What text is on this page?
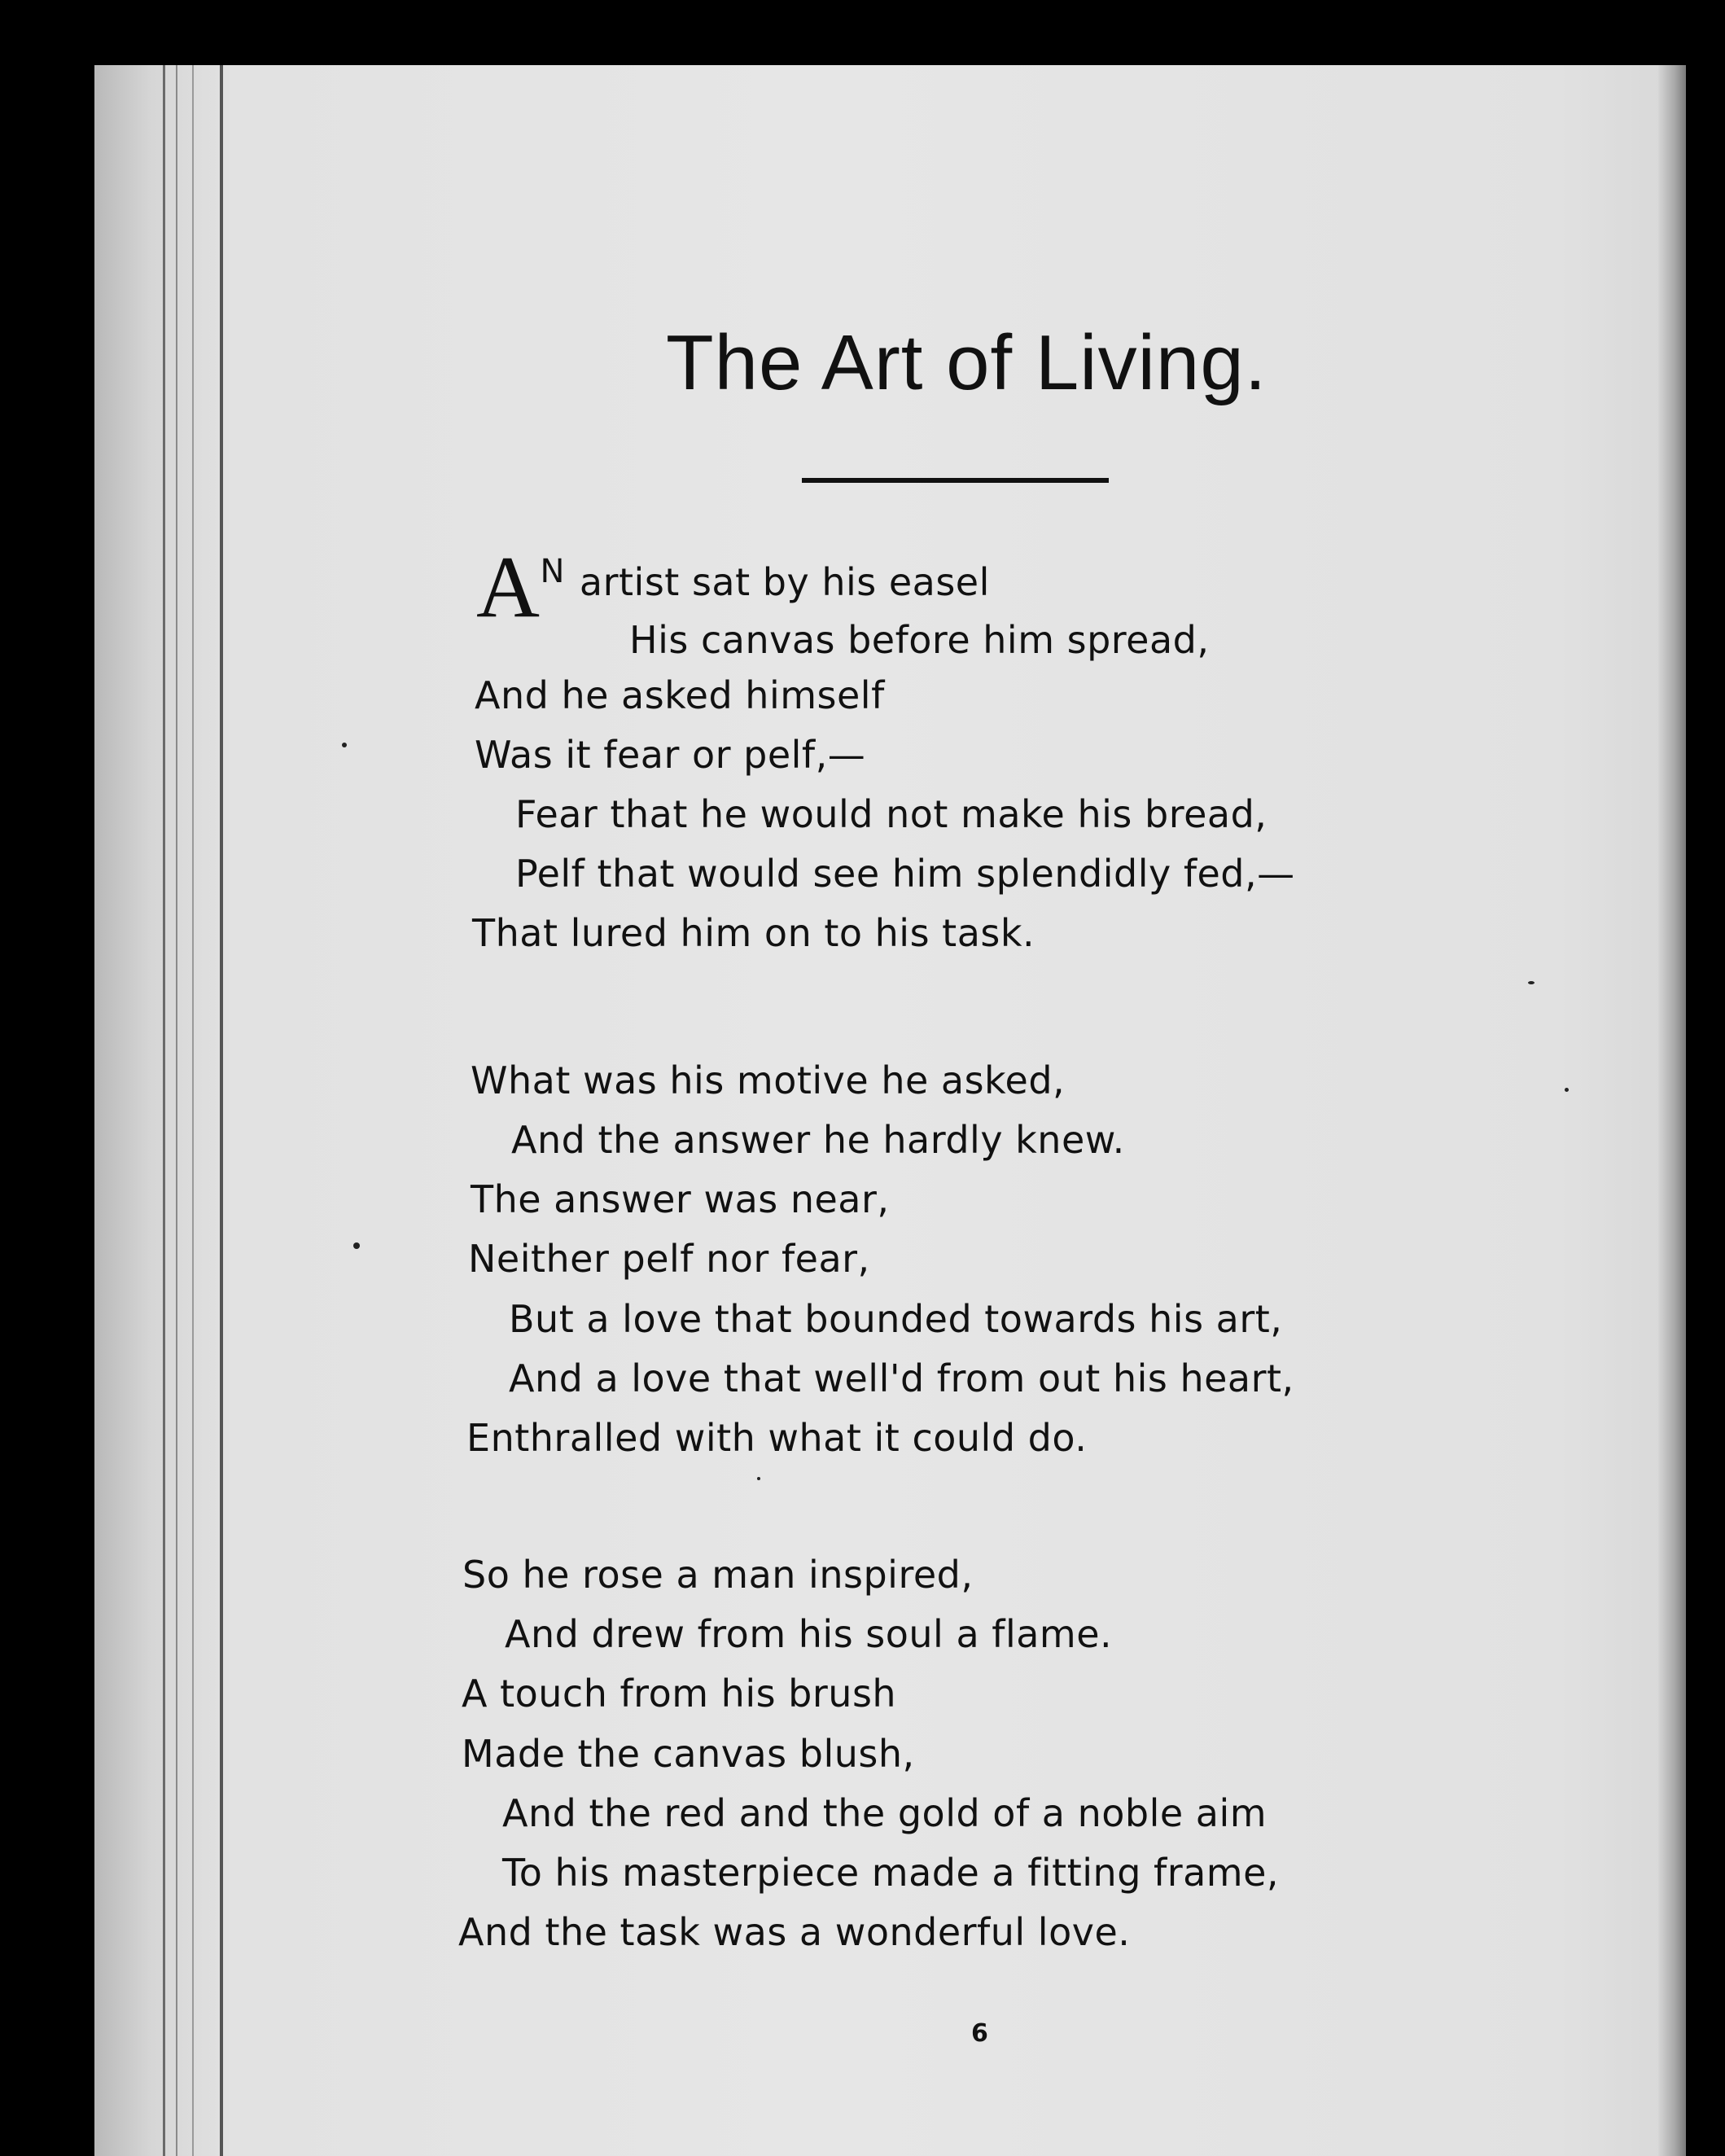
The Art of Living.

AN artist sat by his easel

His canvas before him spread,

And he asked himself

Was it fear or pelf,—

Fear that he would not make his bread,

Pelf that would see him splendidly fed,—

That lured him on to his task.

What was his motive he asked,

And the answer he hardly knew.

The answer was near,

Neither pelf nor fear,

But a love that bounded towards his art,

And a love that well'd from out his heart,

Enthralled with what it could do.

So he rose a man inspired,

And drew from his soul a flame.

A touch from his brush

Made the canvas blush,

And the red and the gold of a noble aim

To his masterpiece made a fitting frame,

And the task was a wonderful love.

6
